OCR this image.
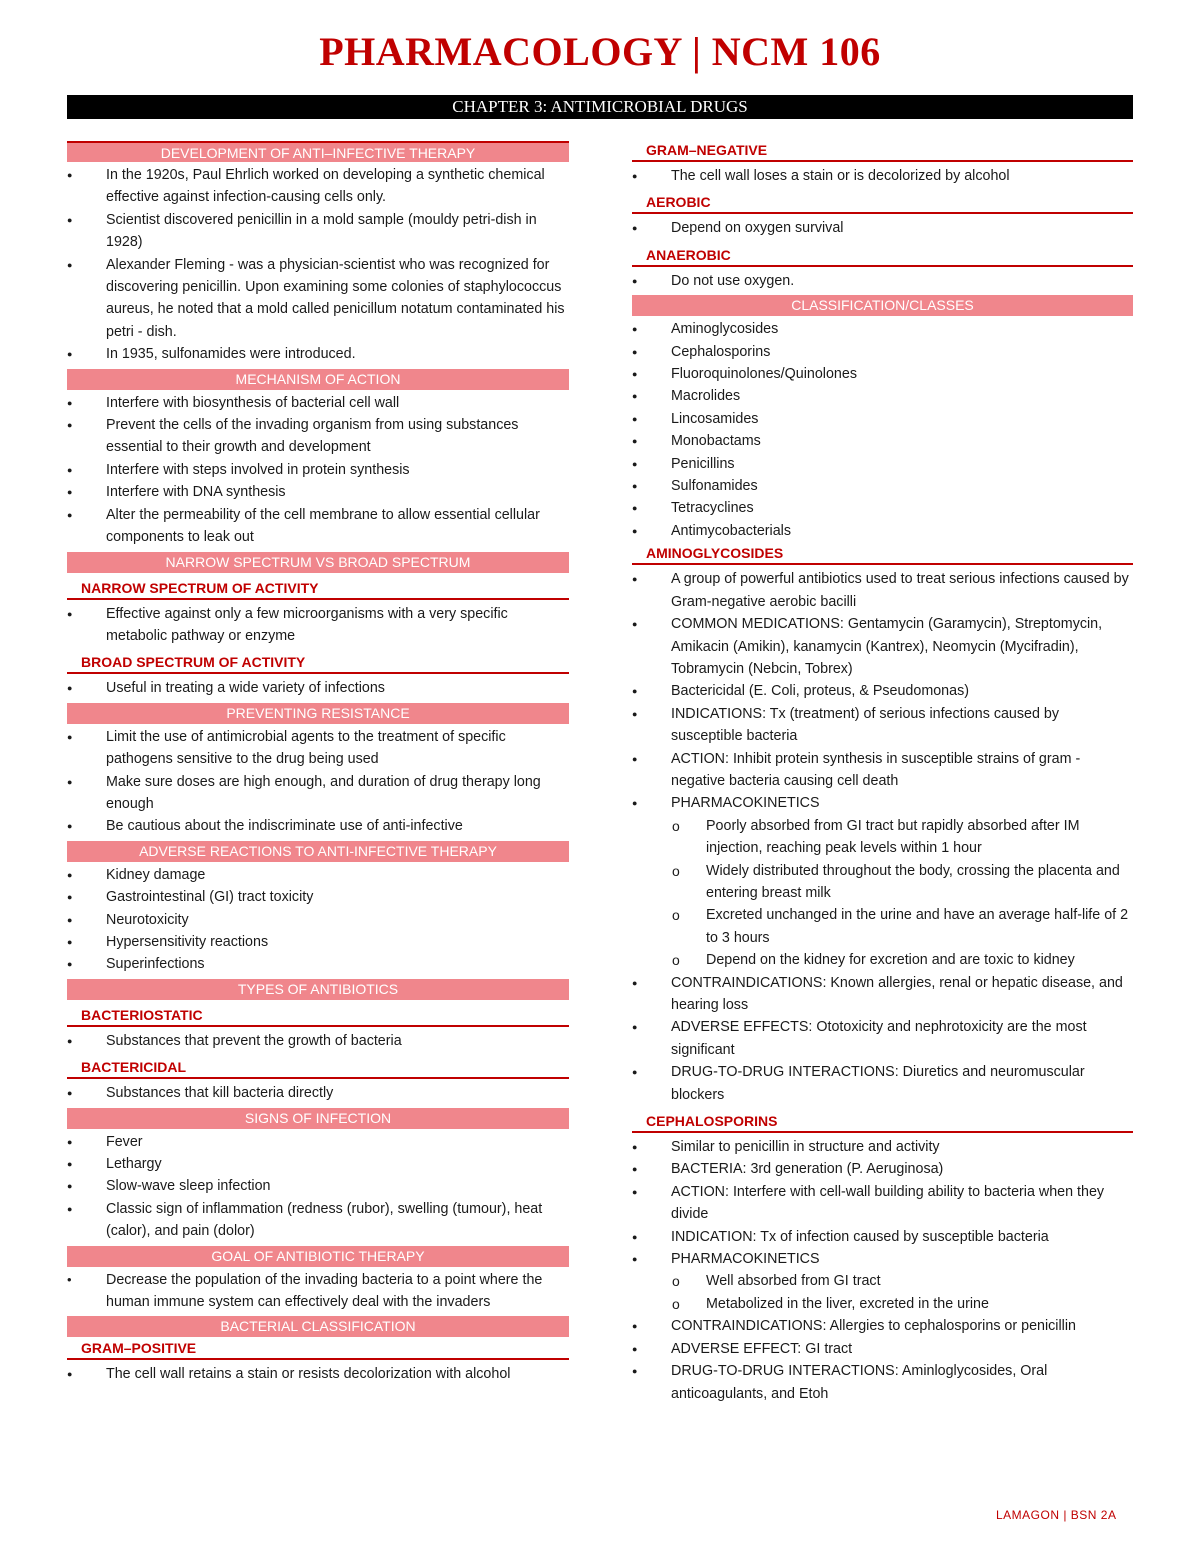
PHARMACOLOGY | NCM 106
CHAPTER 3: ANTIMICROBIAL DRUGS
DEVELOPMENT OF ANTI–INFECTIVE THERAPY
● In the 1920s, Paul Ehrlich worked on developing a synthetic chemical effective against infection-causing cells only.
● Scientist discovered penicillin in a mold sample (mouldy petri-dish in 1928)
● Alexander Fleming - was a physician-scientist who was recognized for discovering penicillin. Upon examining some colonies of staphylococcus aureus, he noted that a mold called penicillum notatum contaminated his petri - dish.
● In 1935, sulfonamides were introduced.
MECHANISM OF ACTION
● Interfere with biosynthesis of bacterial cell wall
● Prevent the cells of the invading organism from using substances essential to their growth and development
● Interfere with steps involved in protein synthesis
● Interfere with DNA synthesis
● Alter the permeability of the cell membrane to allow essential cellular components to leak out
NARROW SPECTRUM VS BROAD SPECTRUM
NARROW SPECTRUM OF ACTIVITY
● Effective against only a few microorganisms with a very specific metabolic pathway or enzyme
BROAD SPECTRUM OF ACTIVITY
● Useful in treating a wide variety of infections
PREVENTING RESISTANCE
● Limit the use of antimicrobial agents to the treatment of specific pathogens sensitive to the drug being used
● Make sure doses are high enough, and duration of drug therapy long enough
● Be cautious about the indiscriminate use of anti-infective
ADVERSE REACTIONS TO ANTI-INFECTIVE THERAPY
● Kidney damage
● Gastrointestinal (GI) tract toxicity
● Neurotoxicity
● Hypersensitivity reactions
● Superinfections
TYPES OF ANTIBIOTICS
BACTERIOSTATIC
● Substances that prevent the growth of bacteria
BACTERICIDAL
● Substances that kill bacteria directly
SIGNS OF INFECTION
● Fever
● Lethargy
● Slow-wave sleep infection
● Classic sign of inflammation (redness (rubor), swelling (tumour), heat (calor), and pain (dolor)
GOAL OF ANTIBIOTIC THERAPY
• Decrease the population of the invading bacteria to a point where the human immune system can effectively deal with the invaders
BACTERIAL CLASSIFICATION
GRAM–POSITIVE
● The cell wall retains a stain or resists decolorization with alcohol
GRAM–NEGATIVE
● The cell wall loses a stain or is decolorized by alcohol
AEROBIC
● Depend on oxygen survival
ANAEROBIC
● Do not use oxygen.
CLASSIFICATION/CLASSES
● Aminoglycosides
● Cephalosporins
● Fluoroquinolones/Quinolones
● Macrolides
● Lincosamides
● Monobactams
● Penicillins
● Sulfonamides
● Tetracyclines
● Antimycobacterials
AMINOGLYCOSIDES
● A group of powerful antibiotics used to treat serious infections caused by Gram-negative aerobic bacilli
● COMMON MEDICATIONS: Gentamycin (Garamycin), Streptomycin, Amikacin (Amikin), kanamycin (Kantrex), Neomycin (Mycifradin), Tobramycin (Nebcin, Tobrex)
● Bactericidal (E. Coli, proteus, & Pseudomonas)
● INDICATIONS: Tx (treatment) of serious infections caused by susceptible bacteria
● ACTION: Inhibit protein synthesis in susceptible strains of gram - negative bacteria causing cell death
● PHARMACOKINETICS
o Poorly absorbed from GI tract but rapidly absorbed after IM injection, reaching peak levels within 1 hour
o Widely distributed throughout the body, crossing the placenta and entering breast milk
o Excreted unchanged in the urine and have an average half-life of 2 to 3 hours
o Depend on the kidney for excretion and are toxic to kidney
● CONTRAINDICATIONS: Known allergies, renal or hepatic disease, and hearing loss
● ADVERSE EFFECTS: Ototoxicity and nephrotoxicity are the most significant
● DRUG-TO-DRUG INTERACTIONS: Diuretics and neuromuscular blockers
CEPHALOSPORINS
● Similar to penicillin in structure and activity
● BACTERIA: 3rd generation (P. Aeruginosa)
● ACTION: Interfere with cell-wall building ability to bacteria when they divide
● INDICATION: Tx of infection caused by susceptible bacteria
● PHARMACOKINETICS
o Well absorbed from GI tract
o Metabolized in the liver, excreted in the urine
● CONTRAINDICATIONS: Allergies to cephalosporins or penicillin
● ADVERSE EFFECT: GI tract
● DRUG-TO-DRUG INTERACTIONS: Aminloglycosides, Oral anticoagulants, and Etoh
LAMAGON | BSN 2A
